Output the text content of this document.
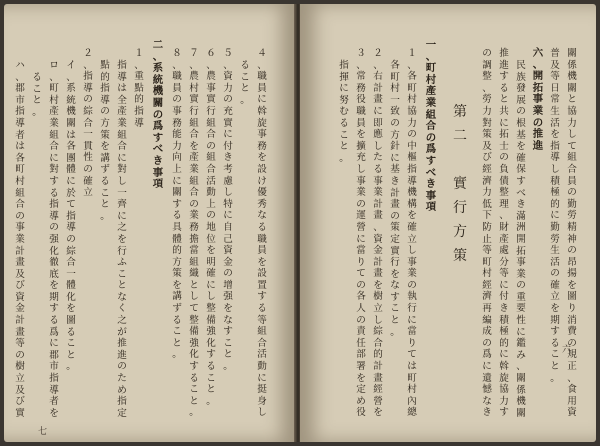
４
、
職
員
に
斡
旋
事
務
を
設
け
優
秀
な
る
職
員
を
設
置
す
る
等
組
合
活
動
に
挺
身
し
る
こ
と
。
５
、
資
力
の
充
實
に
付
き
考
慮
し
特
に
自
己
資
金
の
增
强
を
な
す
こ
と
。
６
、
農
事
實
行
組
合
の
組
合
活
動
上
の
地
位
を
明
確
に
し
整
備
強
化
す
る
こ
と
。
７
、
農
村
實
行
組
合
を
產
業
組
合
の
業
務
擔
當
組
織
と
し
て
整
備
強
化
す
る
こ
と
。
８
、
職
員
の
事
務
能
力
向
上
に
關
す
る
具
體
的
方
策
を
講
ず
る
こ
と
。
二
、
系
統
機
關
の
爲
す
べ
き
事
項
１
、
重
點
的
指
導
指
導
は
全
產
業
組
合
に
對
し
一
齊
に
之
を
行
ふ
こ
と
な
く
之
が
推
進
の
た
め
指
定
點
的
指
導
の
方
策
を
講
ず
る
こ
と
。
２
、
指
導
の
綜
合
一
貫
性
の
確
立
イ
、
系
統
機
關
は
各
團
體
に
於
て
指
導
の
綜
合
一
體
化
を
圖
る
こ
と
。
ロ
、
町
村
產
業
組
合
に
對
す
る
指
導
の
强
化
徹
底
を
期
す
る
爲
に
郡
市
指
導
者
を
る
こ
と
。
ハ
、
郡
市
指
導
者
は
各
町
村
組
合
の
事
業
計
畫
及
び
資
金
計
畫
等
の
樹
立
及
び
實
七
關
係
機
關
と
協
力
し
て
組
合
員
の
勤
勞
精
神
の
昂
揚
を
圖
り
消
費
の
規
正
、
食
用
資
普
及
等
日
常
生
活
を
指
導
し
積
極
的
に
勤
勞
生
活
の
確
立
を
期
す
る
こ
と
。
六
、
開
拓
事
業
の
推
進
民
族
發
展
の
根
基
を
確
保
す
べ
き
滿
洲
開
拓
事
業
の
重
要
性
に
鑑
み
、
關
係
機
關
推
進
す
る
と
共
に
拓
士
の
負
債
整
理
、
財
產
處
分
等
に
付
き
積
極
的
に
斡
旋
協
力
す
の
調
整
、
勞
力
對
策
及
び
經
濟
力
低
下
防
止
等
町
村
經
濟
再
編
成
の
爲
に
遺
憾
な
き
第
二

實
行
方
策
一
、
町
村
產
業
組
合
の
爲
す
べ
き
事
項
１
、
各
町
村
協
力
の
中
樞
指
導
機
構
を
確
立
し
事
業
の
執
行
に
當
り
て
は
町
村
內
總
各
町
村
一
致
の
方
針
に
基
き
計
畫
の
策
定
實
行
を
な
す
こ
と
。
２
、
右
計
畫
に
即
應
し
た
る
事
業
計
畫
、
資
金
計
畫
を
樹
立
し
綜
合
的
計
畫
經
營
を
３
、
常
務
役
職
員
を
擴
充
し
事
業
の
運
營
に
當
り
て
の
各
人
の
責
任
部
署
を
定
め
役
指
揮
に
努
む
る
こ
と
。
六
